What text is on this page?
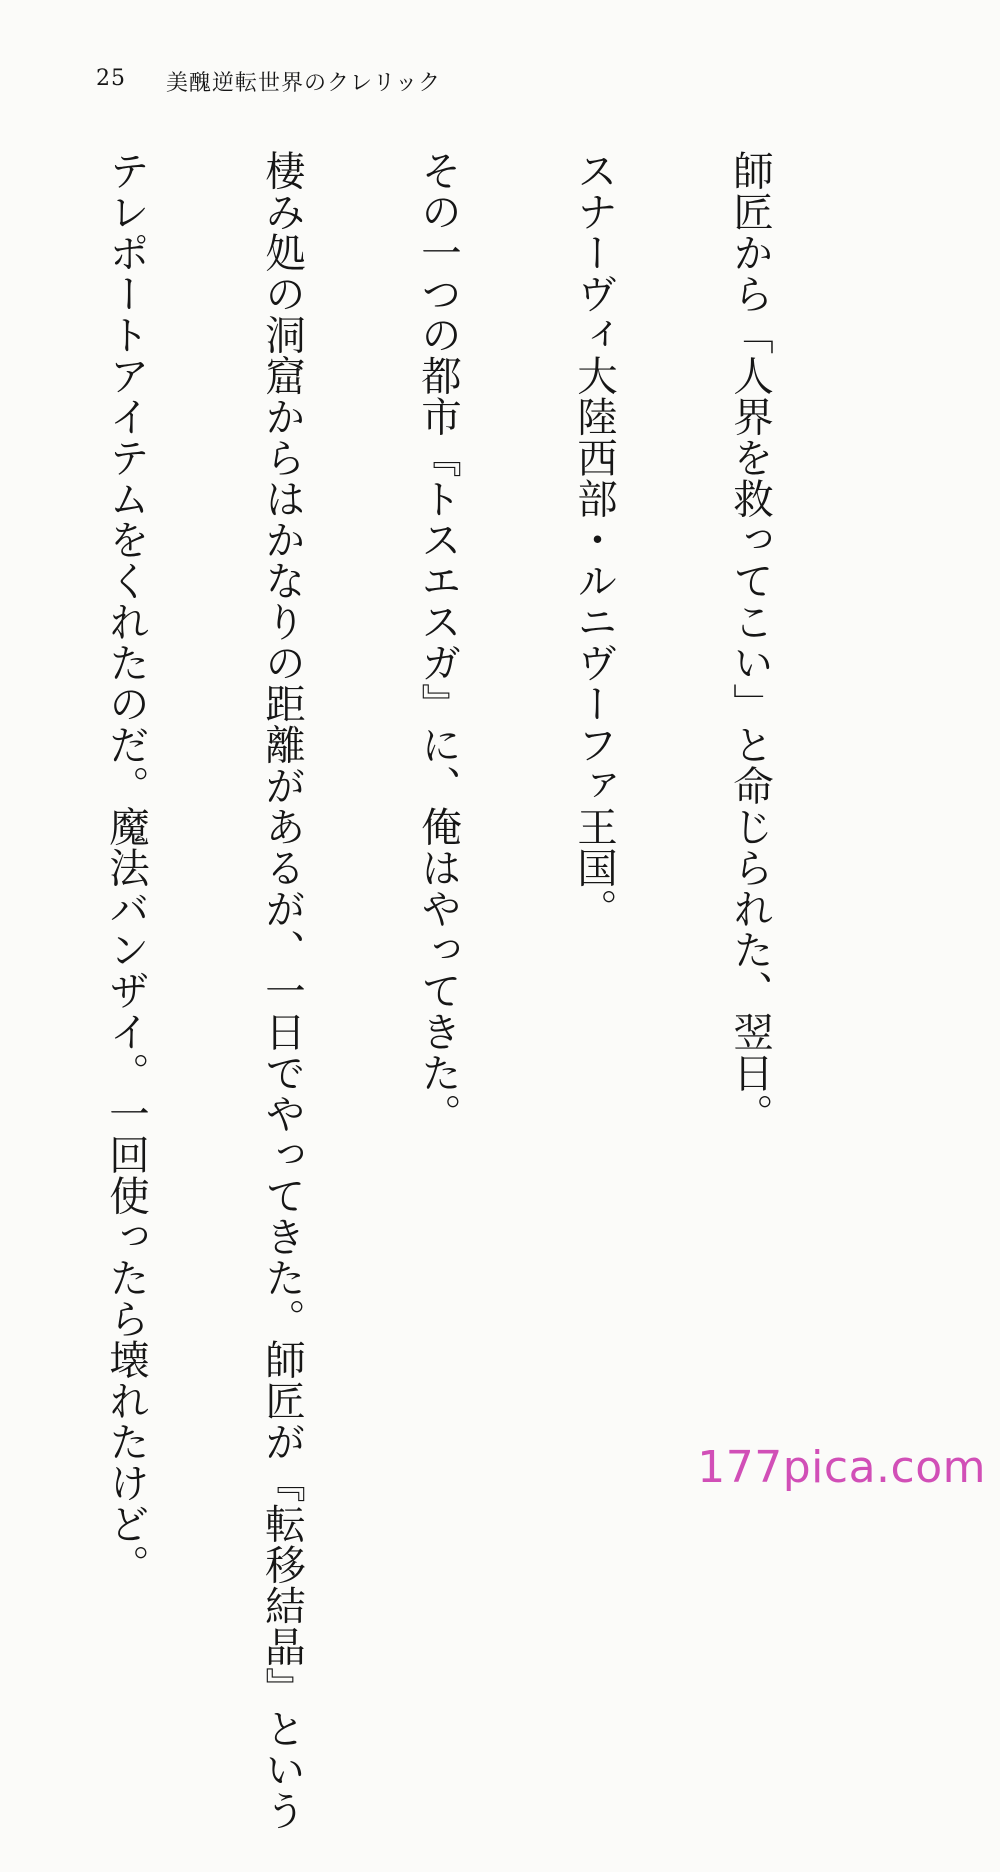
25 美醜逆転世界のクレリック

師匠から「人界を救ってこい」と命じられた、翌日。

スナーヴィ大陸西部・ルニヴーファ王国。

その一つの都市『トスエスガ』に、俺はやってきた。

棲み処の洞窟からはかなりの距離があるが、一日でやってきた。師匠が『転移結晶』という

テレポートアイテムをくれたのだ。魔法バンザイ。一回使ったら壊れたけど。

	177pica.com
